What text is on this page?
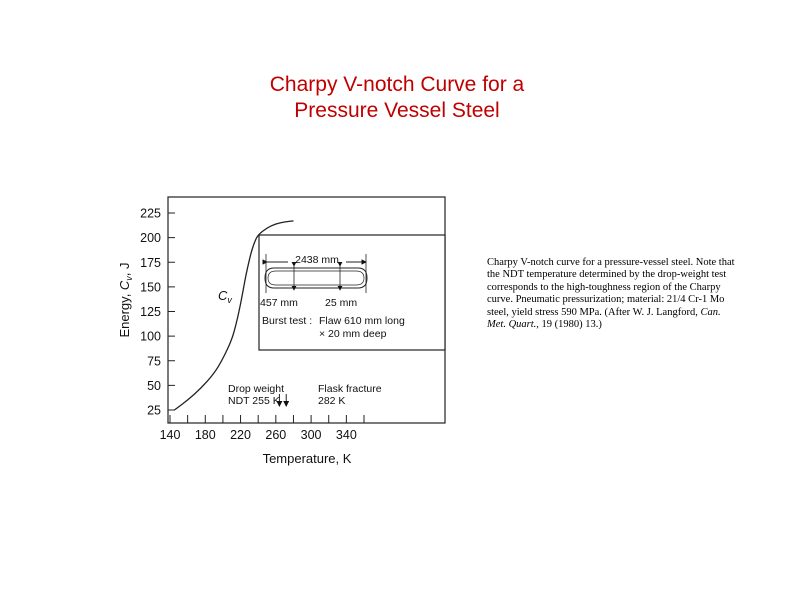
Charpy V-notch Curve for a
Pressure Vessel Steel
225
200
175
150
125
100
75
50
25
140 180 220 260 300 340
Temperature, K
Energy, $C_v$, J
$C_v$
2438 mm
457 mm	25 mm
Burst test : Flaw 610 mm long
× 20 mm deep
Drop weight
NDT 255 K
Flask fracture
282 K
Charpy V-notch curve for a pressure-vessel steel. Note that the NDT temperature determined by the drop-weight test corresponds to the high-toughness region of the Charpy curve. Pneumatic pressurization; material: 21/4 Cr-1 Mo steel, yield stress 590 MPa. (After W. J. Langford, Can. Met. Quart., 19 (1980) 13.)
